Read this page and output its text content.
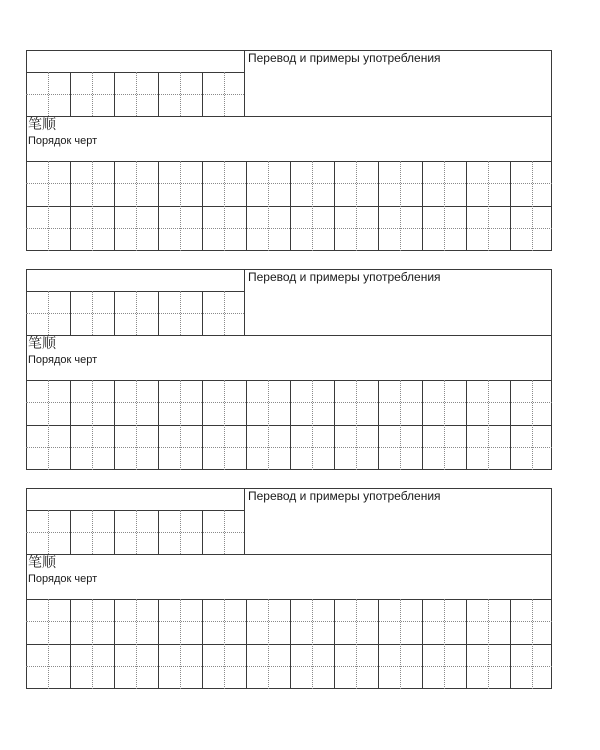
Перевод и примеры употребления
笔顺
Порядок черт
Перевод и примеры употребления
笔顺
Порядок черт
Перевод и примеры употребления
笔顺
Порядок черт
